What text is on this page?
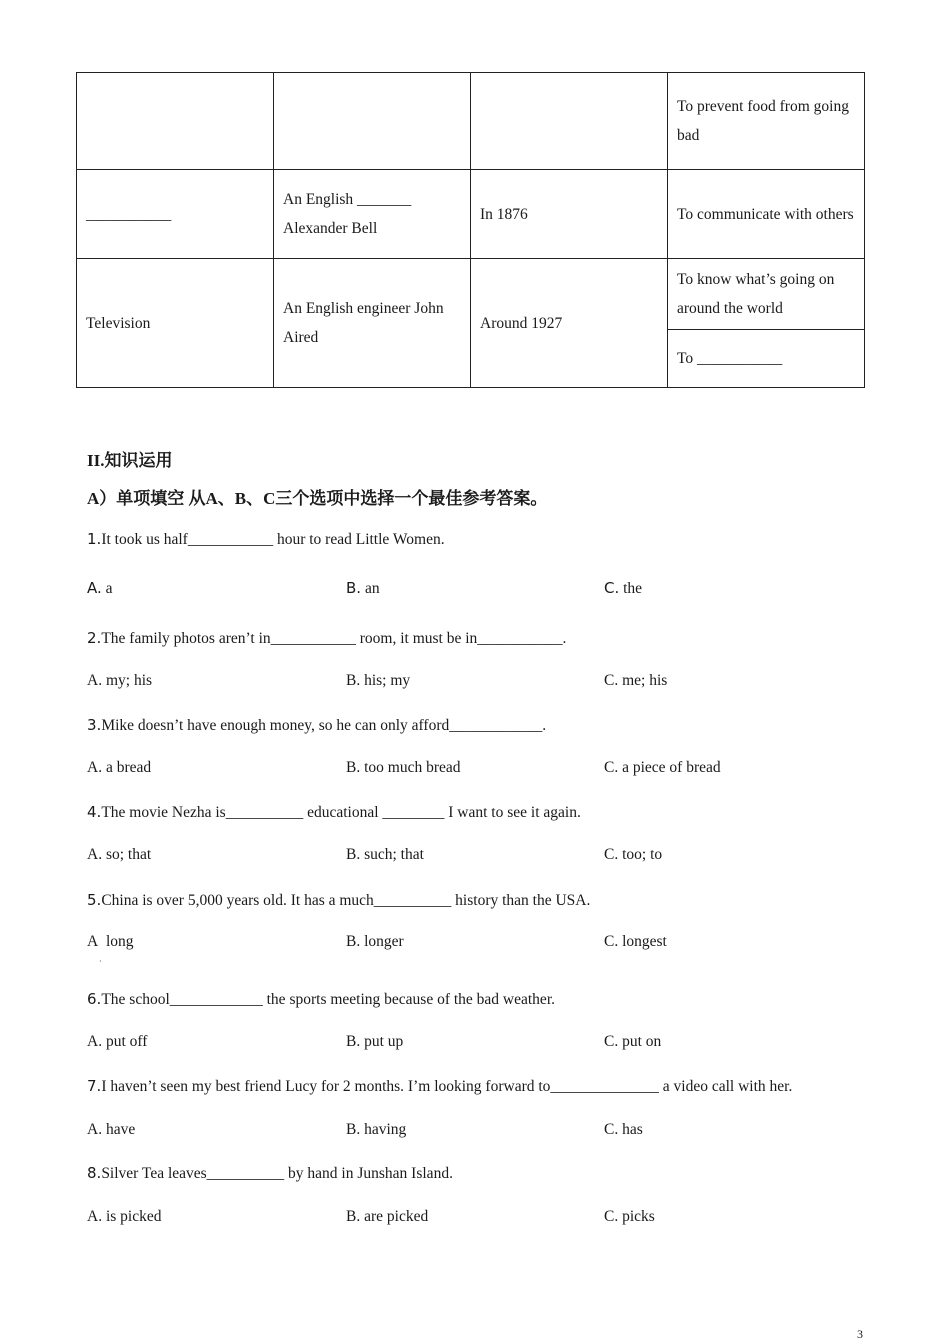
			To prevent food from going bad
___________	An English _______ Alexander Bell	In 1876	To communicate with others
Television	An English engineer John Aired	Around 1927	To know what’s going on around the world
			To ___________
II.知识运用
A）单项填空 从A、B、C三个选项中选择一个最佳参考答案。
1.It took us half___________ hour to read Little Women.
A. a	B. an	C. the
2.The family photos aren’t in___________ room, it must be in___________.
A. my; his	B. his; my	C. me; his
3.Mike doesn’t have enough money, so he can only afford____________.
A. a bread	B. too much bread	C. a piece of bread
4.The movie Nezha is__________ educational ________ I want to see it again.
A. so; that	B. such; that	C. too; to
5.China is over 5,000 years old. It has a much__________ history than the USA.
A long	B. longer	C. longest
·
6.The school____________ the sports meeting because of the bad weather.
A. put off	B. put up	C. put on
7.I haven’t seen my best friend Lucy for 2 months. I’m looking forward to______________ a video call with her.
A. have	B. having	C. has
8.Silver Tea leaves__________ by hand in Junshan Island.
A. is picked	B. are picked	C. picks
3
